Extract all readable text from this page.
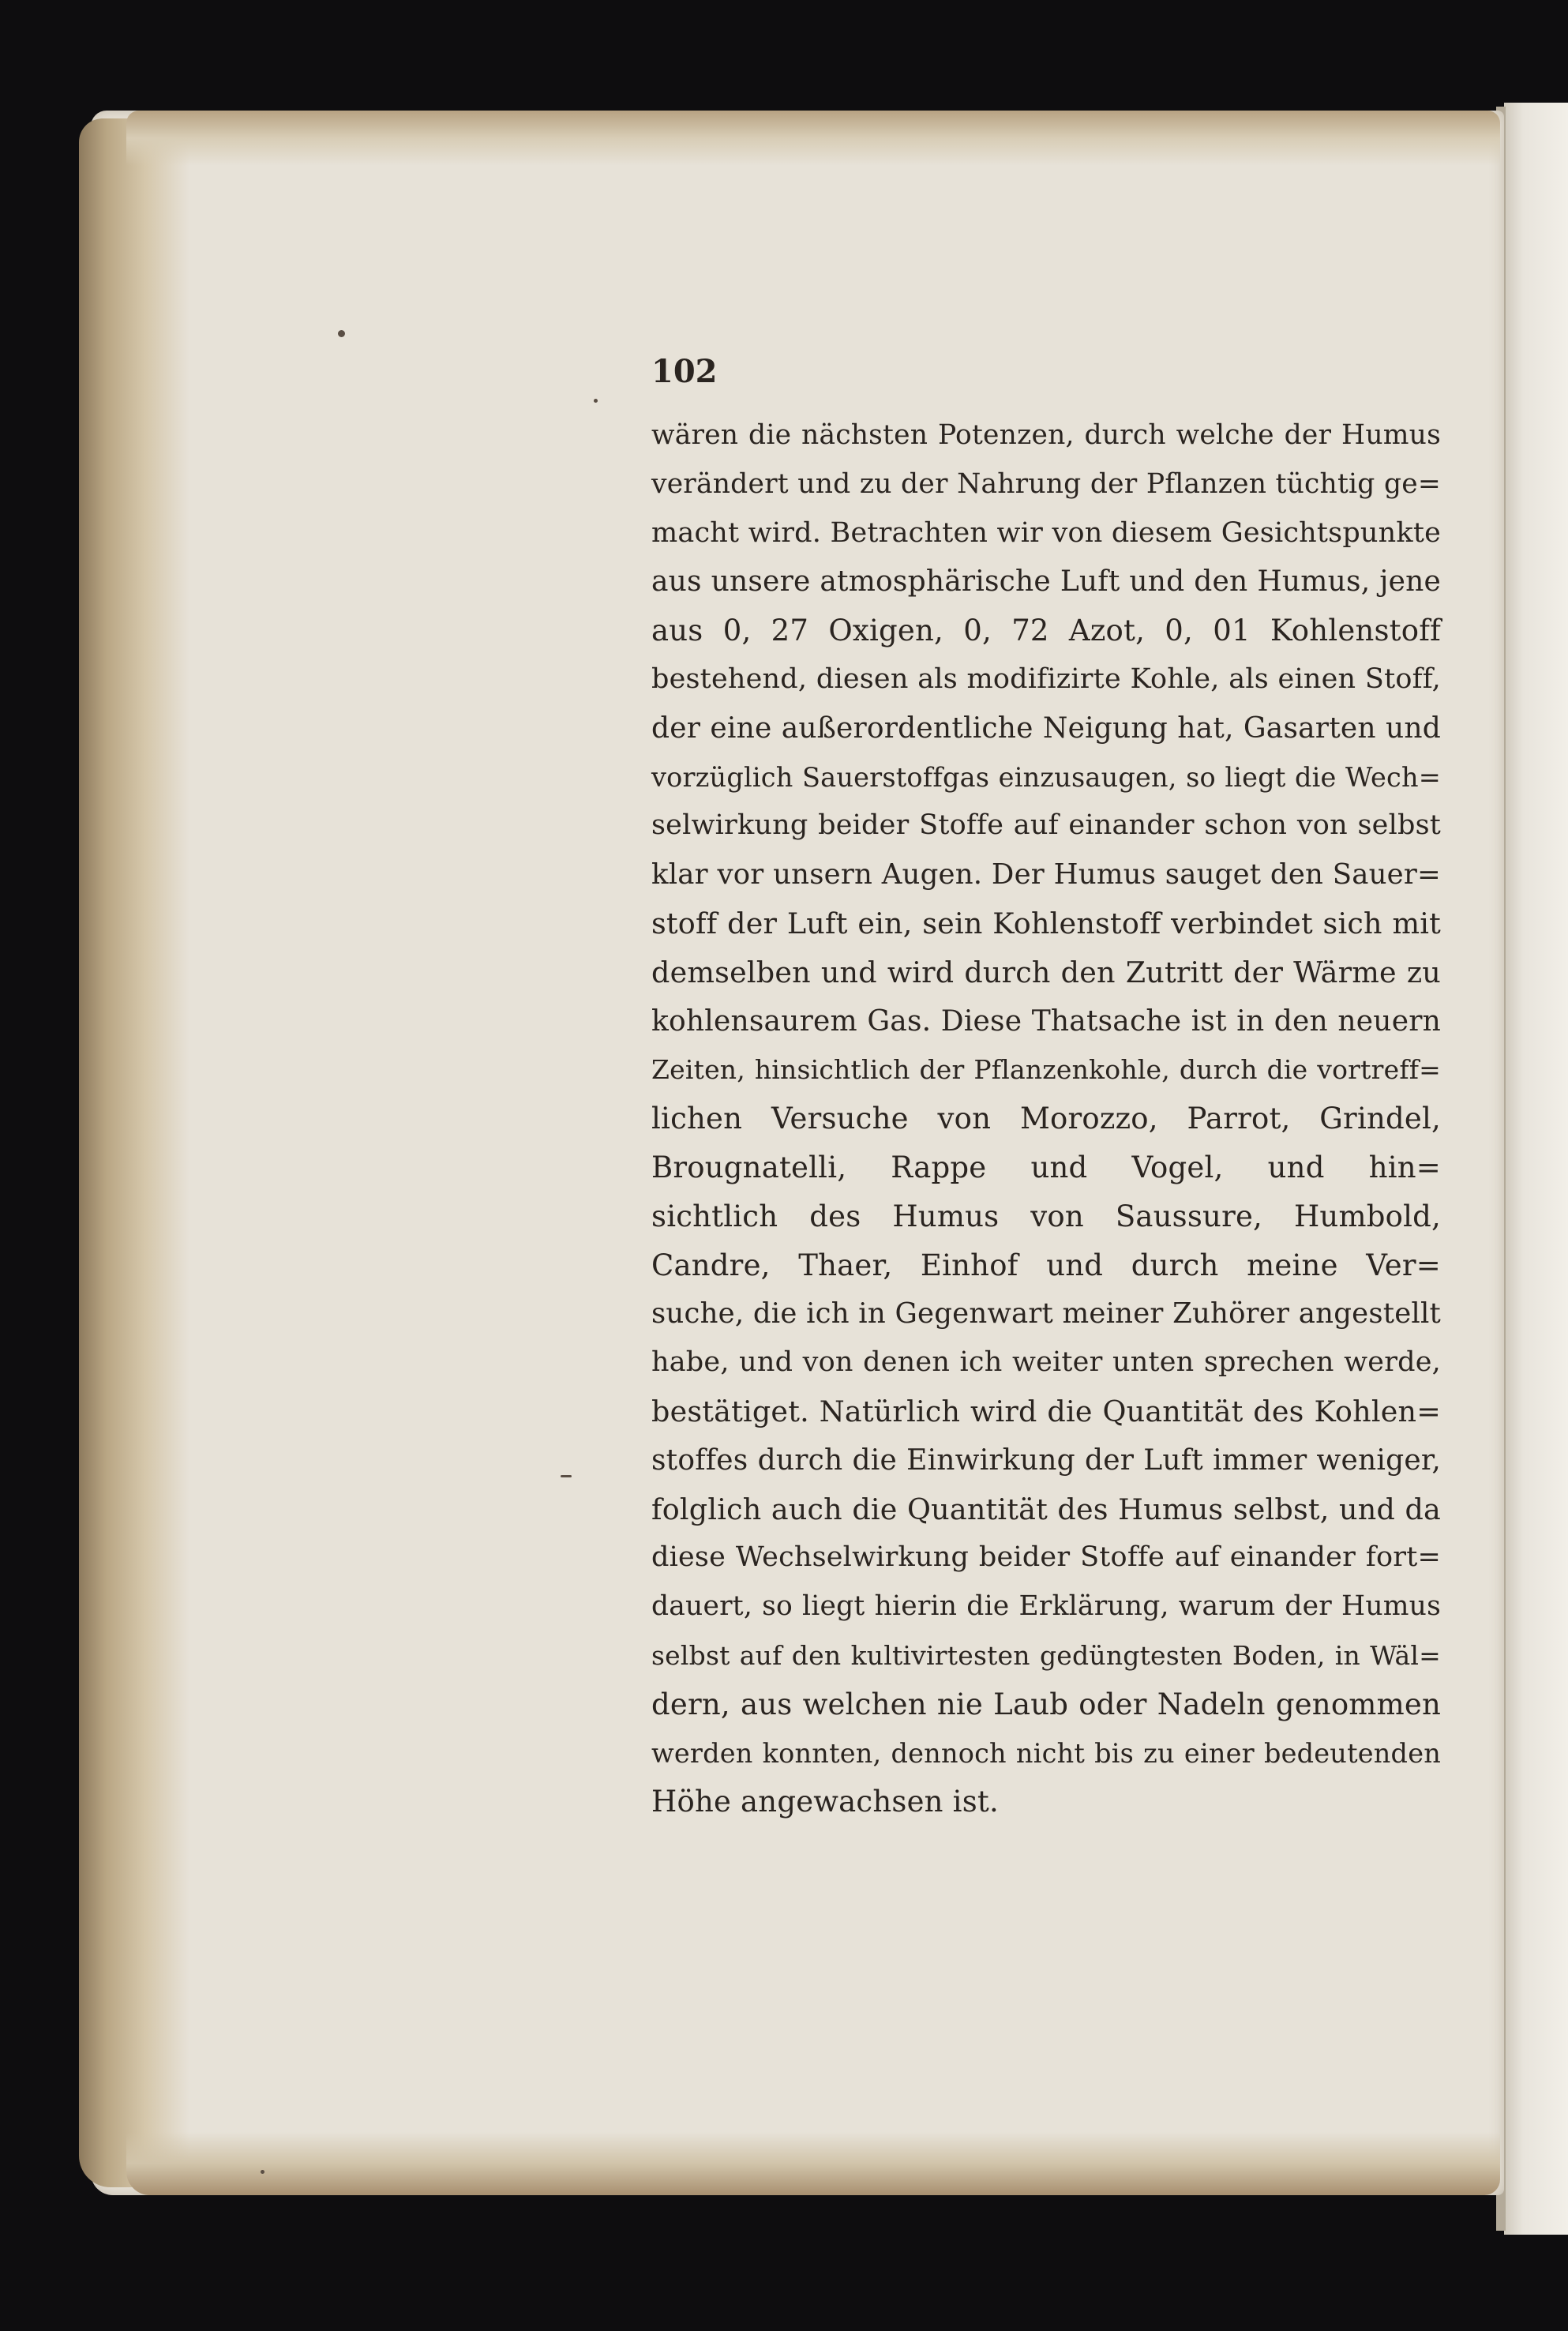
102
wären die nächsten Potenzen, durch welche der Humus
verändert und zu der Nahrung der Pflanzen tüchtig ge=
macht wird. Betrachten wir von diesem Gesichtspunkte
aus unsere atmosphärische Luft und den Humus, jene
aus 0, 27 Oxigen, 0, 72 Azot, 0, 01 Kohlenstoff
bestehend, diesen als modifizirte Kohle, als einen Stoff,
der eine außerordentliche Neigung hat, Gasarten und
vorzüglich Sauerstoffgas einzusaugen, so liegt die Wech=
selwirkung beider Stoffe auf einander schon von selbst
klar vor unsern Augen. Der Humus sauget den Sauer=
stoff der Luft ein, sein Kohlenstoff verbindet sich mit
demselben und wird durch den Zutritt der Wärme zu
kohlensaurem Gas. Diese Thatsache ist in den neuern
Zeiten, hinsichtlich der Pflanzenkohle, durch die vortreff=
lichen Versuche von Morozzo, Parrot, Grindel,
Brougnatelli, Rappe und Vogel, und hin=
sichtlich des Humus von Saussure, Humbold,
Candre, Thaer, Einhof und durch meine Ver=
suche, die ich in Gegenwart meiner Zuhörer angestellt
habe, und von denen ich weiter unten sprechen werde,
bestätiget. Natürlich wird die Quantität des Kohlen=
stoffes durch die Einwirkung der Luft immer weniger,
folglich auch die Quantität des Humus selbst, und da
diese Wechselwirkung beider Stoffe auf einander fort=
dauert, so liegt hierin die Erklärung, warum der Humus
selbst auf den kultivirtesten gedüngtesten Boden, in Wäl=
dern, aus welchen nie Laub oder Nadeln genommen
werden konnten, dennoch nicht bis zu einer bedeutenden
Höhe angewachsen ist.
